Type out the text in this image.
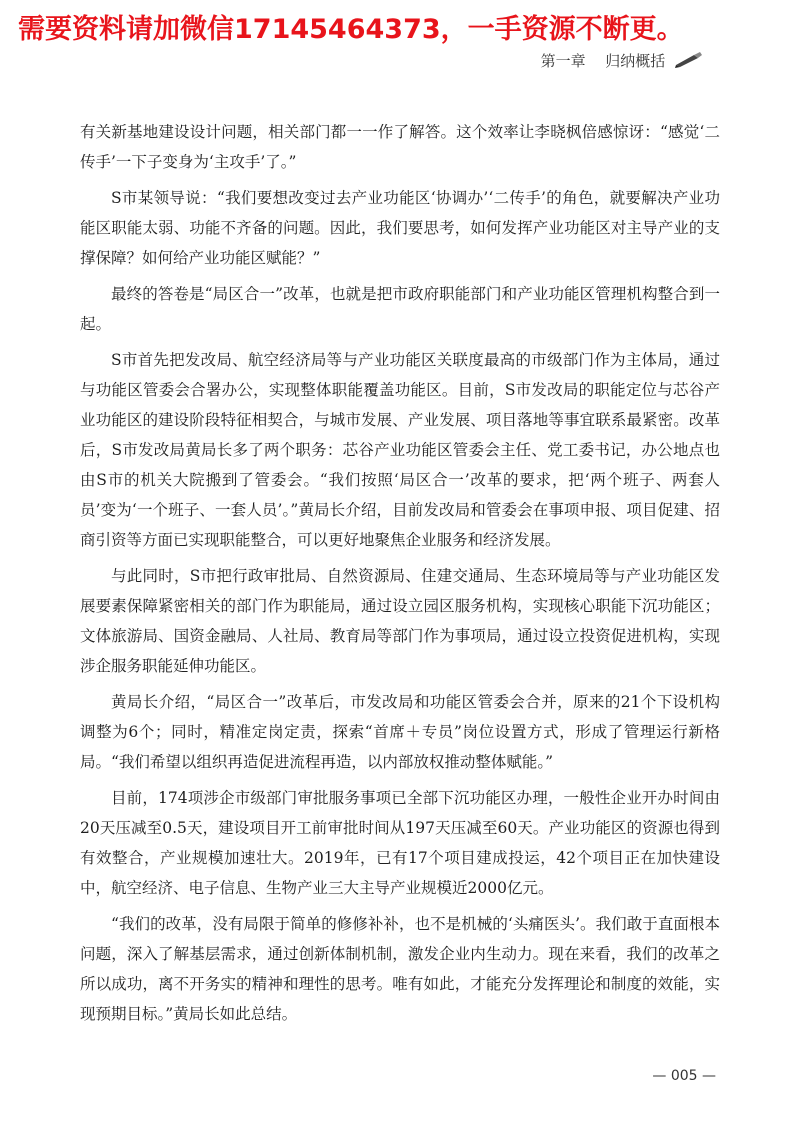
需要资料请加微信17145464373，一手资源不断更。
第一章 归纳概括

有关新基地建设设计问题，相关部门都一一作了解答。这个效率让李晓枫倍感惊讶：“感觉‘二传手’一下子变身为‘主攻手’了。”

S市某领导说：“我们要想改变过去产业功能区‘协调办’‘二传手’的角色，就要解决产业功能区职能太弱、功能不齐备的问题。因此，我们要思考，如何发挥产业功能区对主导产业的支撑保障？如何给产业功能区赋能？”

最终的答卷是“局区合一”改革，也就是把市政府职能部门和产业功能区管理机构整合到一起。

S市首先把发改局、航空经济局等与产业功能区关联度最高的市级部门作为主体局，通过与功能区管委会合署办公，实现整体职能覆盖功能区。目前，S市发改局的职能定位与芯谷产业功能区的建设阶段特征相契合，与城市发展、产业发展、项目落地等事宜联系最紧密。改革后，S市发改局黄局长多了两个职务：芯谷产业功能区管委会主任、党工委书记，办公地点也由S市的机关大院搬到了管委会。“我们按照‘局区合一’改革的要求，把‘两个班子、两套人员’变为‘一个班子、一套人员’。”黄局长介绍，目前发改局和管委会在事项申报、项目促建、招商引资等方面已实现职能整合，可以更好地聚焦企业服务和经济发展。

与此同时，S市把行政审批局、自然资源局、住建交通局、生态环境局等与产业功能区发展要素保障紧密相关的部门作为职能局，通过设立园区服务机构，实现核心职能下沉功能区；文体旅游局、国资金融局、人社局、教育局等部门作为事项局，通过设立投资促进机构，实现涉企服务职能延伸功能区。

黄局长介绍，“局区合一”改革后，市发改局和功能区管委会合并，原来的21个下设机构调整为6个；同时，精准定岗定责，探索“首席＋专员”岗位设置方式，形成了管理运行新格局。“我们希望以组织再造促进流程再造，以内部放权推动整体赋能。”

目前，174项涉企市级部门审批服务事项已全部下沉功能区办理，一般性企业开办时间由20天压减至0.5天，建设项目开工前审批时间从197天压减至60天。产业功能区的资源也得到有效整合，产业规模加速壮大。2019年，已有17个项目建成投运，42个项目正在加快建设中，航空经济、电子信息、生物产业三大主导产业规模近2000亿元。

“我们的改革，没有局限于简单的修修补补，也不是机械的‘头痛医头’。我们敢于直面根本问题，深入了解基层需求，通过创新体制机制，激发企业内生动力。现在来看，我们的改革之所以成功，离不开务实的精神和理性的思考。唯有如此，才能充分发挥理论和制度的效能，实现预期目标。”黄局长如此总结。

— 005 —
